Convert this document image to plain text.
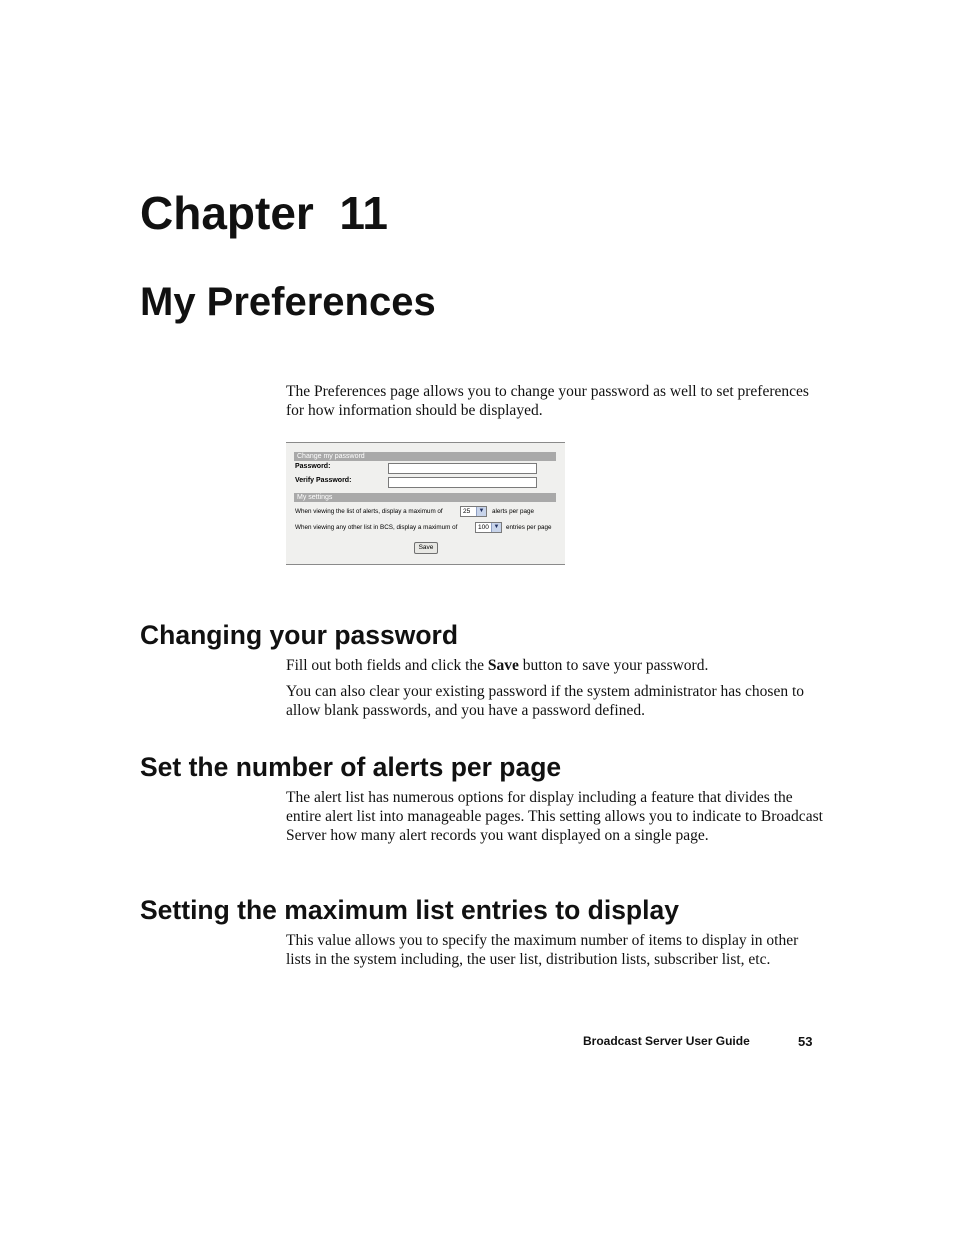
Chapter  11
My Preferences

The Preferences page allows you to change your password as well to set preferences for how information should be displayed.

Change my password
Password:
Verify Password:
My settings
When viewing the list of alerts, display a maximum of	25	▼ alerts per page
When viewing any other list in BCS, display a maximum of	100 ▼ entries per page
Save
Changing your password

Fill out both fields and click the Save button to save your password.

You can also clear your existing password if the system administrator has chosen to allow blank passwords, and you have a password defined.

Set the number of alerts per page

The alert list has numerous options for display including a feature that divides the entire alert list into manageable pages. This setting allows you to indicate to Broadcast Server how many alert records you want displayed on a single page.

Setting the maximum list entries to display

This value allows you to specify the maximum number of items to display in other lists in the system including, the user list, distribution lists, subscriber list, etc.

Broadcast Server User Guide	53
